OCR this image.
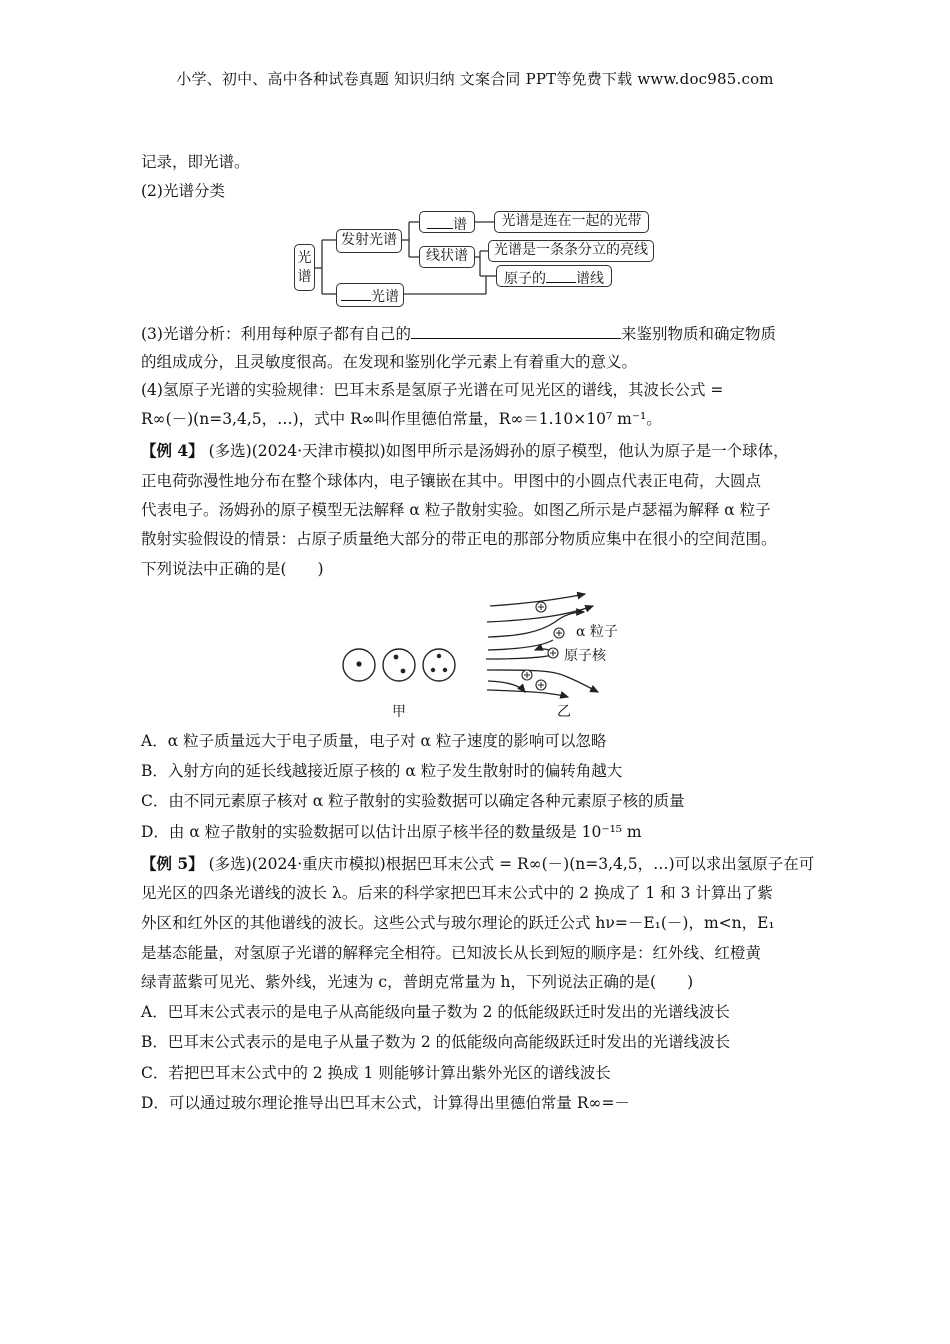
小学、初中、高中各种试卷真题 知识归纳 文案合同 PPT等免费下载 www.doc985.com
记录，即光谱。
(2)光谱分类
光谱
发射光谱
谱	光谱是连在一起的光带
线状谱	光谱是一条条分立的亮线
原子的 谱线
光谱
(3)光谱分析：利用每种原子都有自己的	来鉴别物质和确定物质
的组成成分，且灵敏度很高。在发现和鉴别化学元素上有着重大的意义。
(4)氢原子光谱的实验规律：巴耳末系是氢原子光谱在可见光区的谱线，其波长公式 =
R∞(－)(n=3,4,5，…)，式中 R∞叫作里德伯常量，R∞＝1.10×10⁷ m⁻¹。
【例 4】 (多选)(2024·天津市模拟)如图甲所示是汤姆孙的原子模型，他认为原子是一个球体，
正电荷弥漫性地分布在整个球体内，电子镶嵌在其中。甲图中的小圆点代表正电荷，大圆点
代表电子。汤姆孙的原子模型无法解释 α 粒子散射实验。如图乙所示是卢瑟福为解释 α 粒子
散射实验假设的情景：占原子质量绝大部分的带正电的那部分物质应集中在很小的空间范围。
下列说法中正确的是(　　)
α 粒子
原子核
甲	乙
A．α 粒子质量远大于电子质量，电子对 α 粒子速度的影响可以忽略
B．入射方向的延长线越接近原子核的 α 粒子发生散射时的偏转角越大
C．由不同元素原子核对 α 粒子散射的实验数据可以确定各种元素原子核的质量
D．由 α 粒子散射的实验数据可以估计出原子核半径的数量级是 10⁻¹⁵ m
【例 5】 (多选)(2024·重庆市模拟)根据巴耳末公式 = R∞(－)(n=3,4,5，…)可以求出氢原子在可
见光区的四条光谱线的波长 λ。后来的科学家把巴耳末公式中的 2 换成了 1 和 3 计算出了紫
外区和红外区的其他谱线的波长。这些公式与玻尔理论的跃迁公式 hν=－E₁(－)，m<n，E₁
是基态能量，对氢原子光谱的解释完全相符。已知波长从长到短的顺序是：红外线、红橙黄
绿青蓝紫可见光、紫外线，光速为 c，普朗克常量为 h，下列说法正确的是(　　)
A．巴耳末公式表示的是电子从高能级向量子数为 2 的低能级跃迁时发出的光谱线波长
B．巴耳末公式表示的是电子从量子数为 2 的低能级向高能级跃迁时发出的光谱线波长
C．若把巴耳末公式中的 2 换成 1 则能够计算出紫外光区的谱线波长
D．可以通过玻尔理论推导出巴耳末公式，计算得出里德伯常量 R∞=－
